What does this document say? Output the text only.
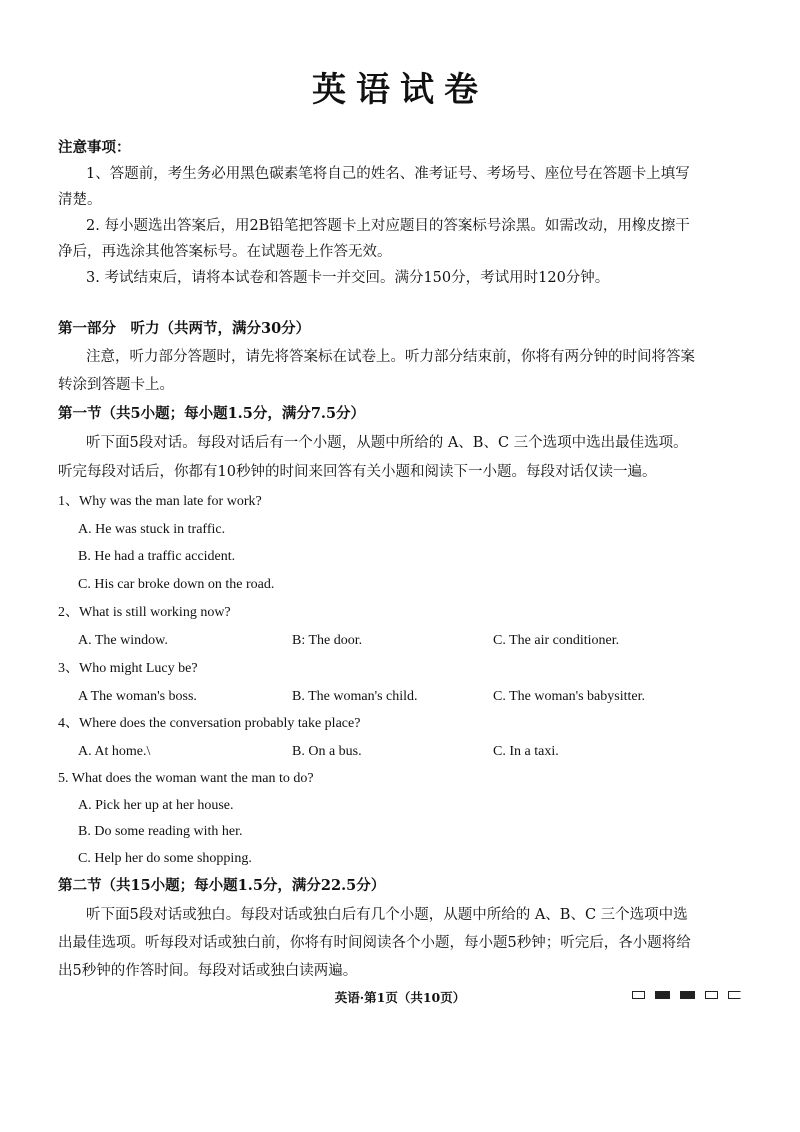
英语试卷
注意事项：
1、答题前，考生务必用黑色碳素笔将自己的姓名、准考证号、考场号、座位号在答题卡上填写
清楚。
2. 每小题选出答案后，用2B铅笔把答题卡上对应题目的答案标号涂黑。如需改动，用橡皮擦干
净后，再选涂其他答案标号。在试题卷上作答无效。
3. 考试结束后，请将本试卷和答题卡一并交回。满分150分，考试用时120分钟。
第一部分　听力（共两节，满分30分）
注意，听力部分答题时，请先将答案标在试卷上。听力部分结束前，你将有两分钟的时间将答案
转涂到答题卡上。
第一节（共5小题；每小题1.5分，满分7.5分）
听下面5段对话。每段对话后有一个小题，从题中所给的 A、B、C 三个选项中选出最佳选项。
听完每段对话后，你都有10秒钟的时间来回答有关小题和阅读下一小题。每段对话仅读一遍。
1、Why was the man late for work?
A. He was stuck in traffic.
B. He had a traffic accident.
C. His car broke down on the road.
2、What is still working now?
A. The window.	B: The door.	C. The air conditioner.
3、Who might Lucy be?
A The woman's boss.	B. The woman's child.	C. The woman's babysitter.
4、Where does the conversation probably take place?
A. At home.\	B. On a bus.	C. In a taxi.
5. What does the woman want the man to do?
A. Pick her up at her house.
B. Do some reading with her.
C. Help her do some shopping.
第二节（共15小题；每小题1.5分，满分22.5分）
听下面5段对话或独白。每段对话或独白后有几个小题，从题中所给的 A、B、C 三个选项中选
出最佳选项。听每段对话或独白前，你将有时间阅读各个小题，每小题5秒钟；听完后，各小题将给
出5秒钟的作答时间。每段对话或独白读两遍。
英语·第1页（共10页）
